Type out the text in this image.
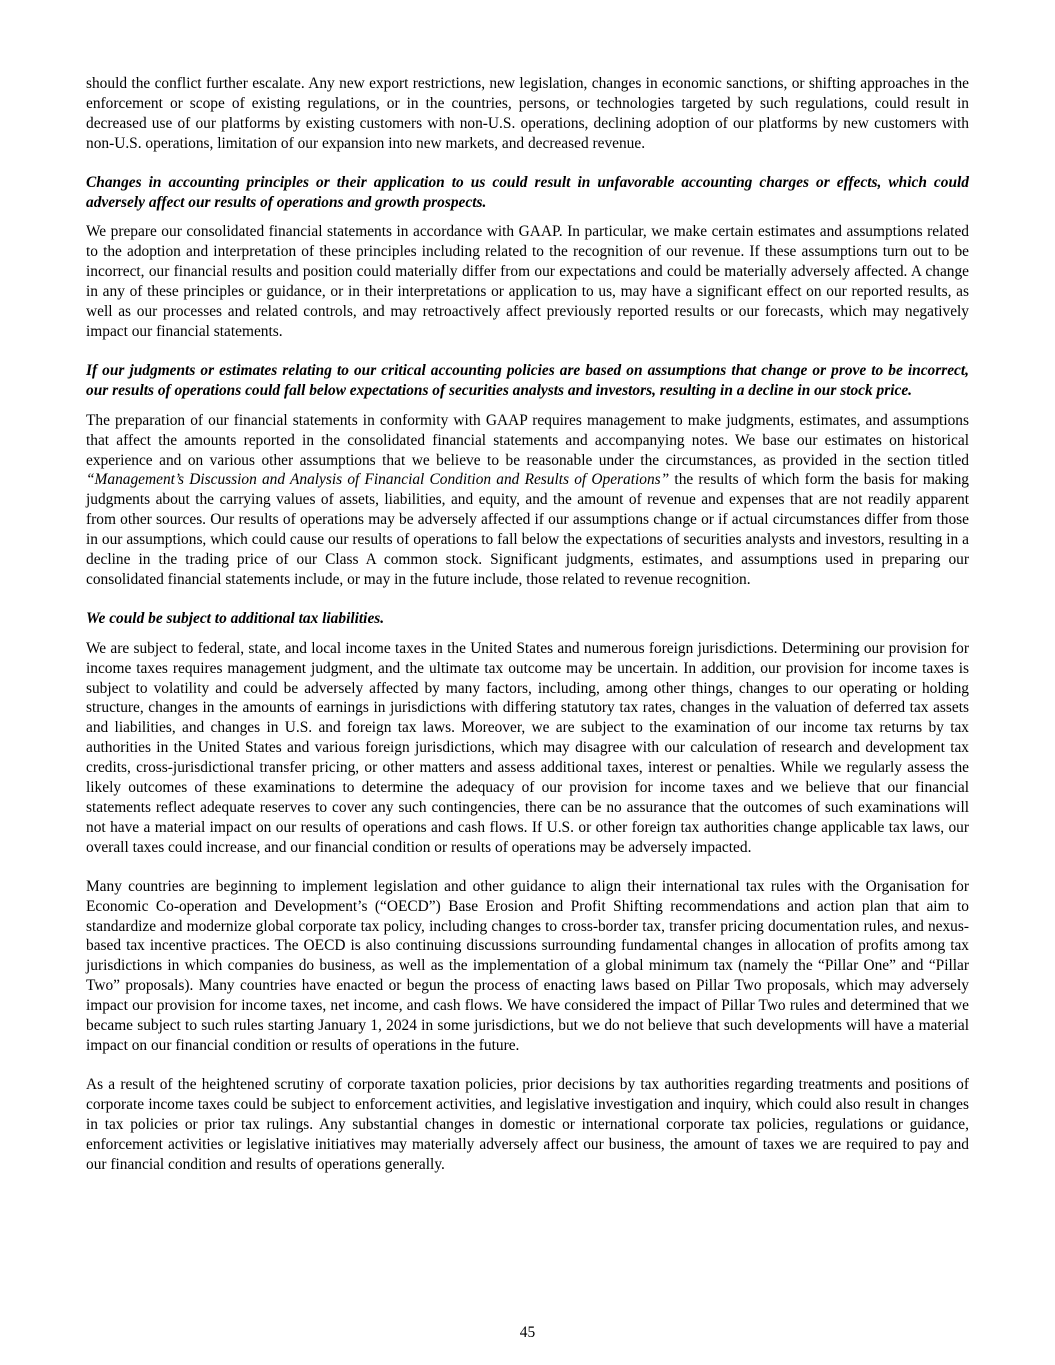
should the conflict further escalate. Any new export restrictions, new legislation, changes in economic sanctions, or shifting approaches in the enforcement or scope of existing regulations, or in the countries, persons, or technologies targeted by such regulations, could result in decreased use of our platforms by existing customers with non-U.S. operations, declining adoption of our platforms by new customers with non-U.S. operations, limitation of our expansion into new markets, and decreased revenue.

Changes in accounting principles or their application to us could result in unfavorable accounting charges or effects, which could adversely affect our results of operations and growth prospects.

We prepare our consolidated financial statements in accordance with GAAP. In particular, we make certain estimates and assumptions related to the adoption and interpretation of these principles including related to the recognition of our revenue. If these assumptions turn out to be incorrect, our financial results and position could materially differ from our expectations and could be materially adversely affected. A change in any of these principles or guidance, or in their interpretations or application to us, may have a significant effect on our reported results, as well as our processes and related controls, and may retroactively affect previously reported results or our forecasts, which may negatively impact our financial statements.

If our judgments or estimates relating to our critical accounting policies are based on assumptions that change or prove to be incorrect, our results of operations could fall below expectations of securities analysts and investors, resulting in a decline in our stock price.

The preparation of our financial statements in conformity with GAAP requires management to make judgments, estimates, and assumptions that affect the amounts reported in the consolidated financial statements and accompanying notes. We base our estimates on historical experience and on various other assumptions that we believe to be reasonable under the circumstances, as provided in the section titled “Management’s Discussion and Analysis of Financial Condition and Results of Operations” the results of which form the basis for making judgments about the carrying values of assets, liabilities, and equity, and the amount of revenue and expenses that are not readily apparent from other sources. Our results of operations may be adversely affected if our assumptions change or if actual circumstances differ from those in our assumptions, which could cause our results of operations to fall below the expectations of securities analysts and investors, resulting in a decline in the trading price of our Class A common stock. Significant judgments, estimates, and assumptions used in preparing our consolidated financial statements include, or may in the future include, those related to revenue recognition.

We could be subject to additional tax liabilities.

We are subject to federal, state, and local income taxes in the United States and numerous foreign jurisdictions. Determining our provision for income taxes requires management judgment, and the ultimate tax outcome may be uncertain. In addition, our provision for income taxes is subject to volatility and could be adversely affected by many factors, including, among other things, changes to our operating or holding structure, changes in the amounts of earnings in jurisdictions with differing statutory tax rates, changes in the valuation of deferred tax assets and liabilities, and changes in U.S. and foreign tax laws. Moreover, we are subject to the examination of our income tax returns by tax authorities in the United States and various foreign jurisdictions, which may disagree with our calculation of research and development tax credits, cross-jurisdictional transfer pricing, or other matters and assess additional taxes, interest or penalties. While we regularly assess the likely outcomes of these examinations to determine the adequacy of our provision for income taxes and we believe that our financial statements reflect adequate reserves to cover any such contingencies, there can be no assurance that the outcomes of such examinations will not have a material impact on our results of operations and cash flows. If U.S. or other foreign tax authorities change applicable tax laws, our overall taxes could increase, and our financial condition or results of operations may be adversely impacted.

Many countries are beginning to implement legislation and other guidance to align their international tax rules with the Organisation for Economic Co-operation and Development’s (“OECD”) Base Erosion and Profit Shifting recommendations and action plan that aim to standardize and modernize global corporate tax policy, including changes to cross-border tax, transfer pricing documentation rules, and nexus-based tax incentive practices. The OECD is also continuing discussions surrounding fundamental changes in allocation of profits among tax jurisdictions in which companies do business, as well as the implementation of a global minimum tax (namely the “Pillar One” and “Pillar Two” proposals). Many countries have enacted or begun the process of enacting laws based on Pillar Two proposals, which may adversely impact our provision for income taxes, net income, and cash flows. We have considered the impact of Pillar Two rules and determined that we became subject to such rules starting January 1, 2024 in some jurisdictions, but we do not believe that such developments will have a material impact on our financial condition or results of operations in the future.

As a result of the heightened scrutiny of corporate taxation policies, prior decisions by tax authorities regarding treatments and positions of corporate income taxes could be subject to enforcement activities, and legislative investigation and inquiry, which could also result in changes in tax policies or prior tax rulings. Any substantial changes in domestic or international corporate tax policies, regulations or guidance, enforcement activities or legislative initiatives may materially adversely affect our business, the amount of taxes we are required to pay and our financial condition and results of operations generally.

45
